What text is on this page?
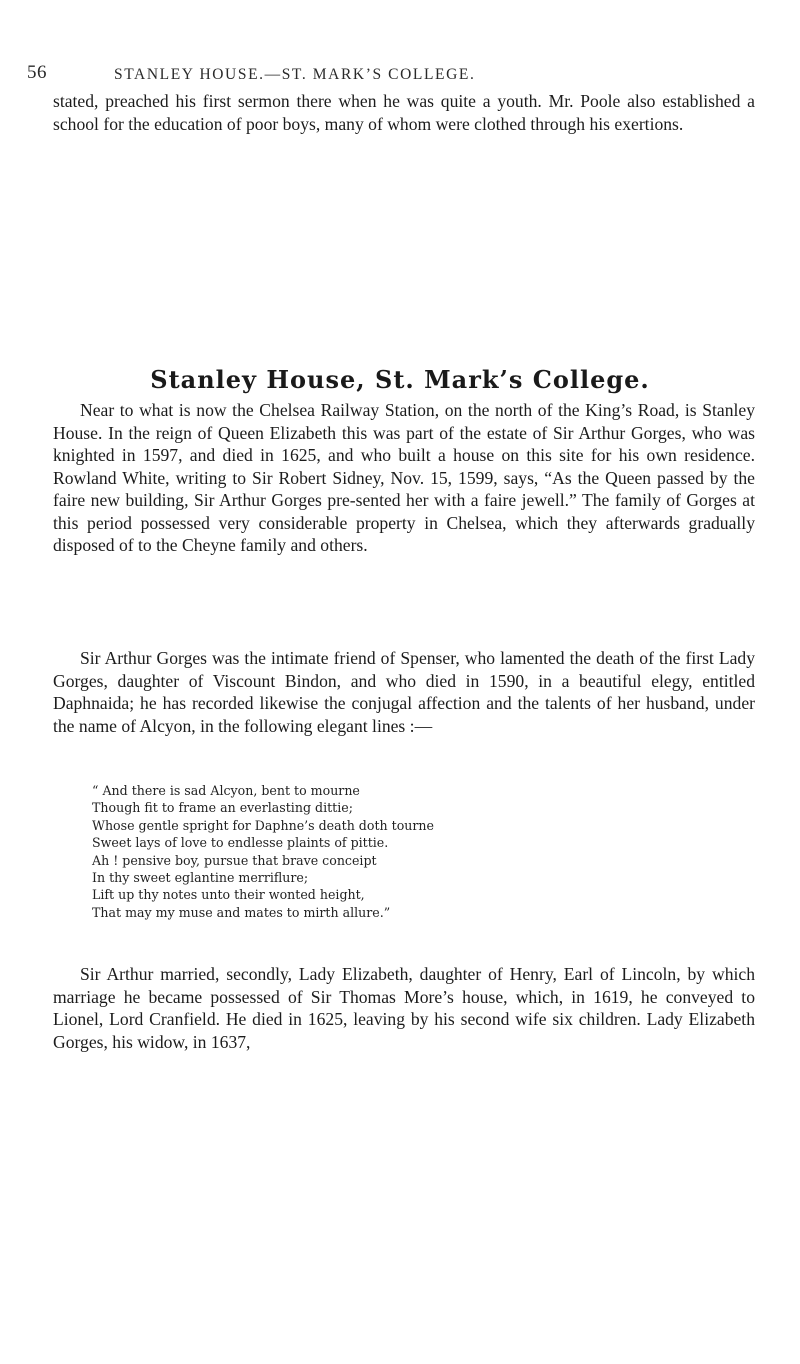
56	STANLEY HOUSE.—ST. MARK’S COLLEGE.

stated, preached his first sermon there when he was quite a youth. Mr. Poole also established a school for the education of poor boys, many of whom were clothed through his exertions.

Stanley House, St. Mark’s College.

Near to what is now the Chelsea Railway Station, on the north of the King’s Road, is Stanley House. In the reign of Queen Elizabeth this was part of the estate of Sir Arthur Gorges, who was knighted in 1597, and died in 1625, and who built a house on this site for his own residence. Rowland White, writing to Sir Robert Sidney, Nov. 15, 1599, says, “As the Queen passed by the faire new building, Sir Arthur Gorges pre-sented her with a faire jewell.” The family of Gorges at this period possessed very considerable property in Chelsea, which they afterwards gradually disposed of to the Cheyne family and others.

Sir Arthur Gorges was the intimate friend of Spenser, who lamented the death of the first Lady Gorges, daughter of Viscount Bindon, and who died in 1590, in a beautiful elegy, entitled Daphnaida; he has recorded likewise the conjugal affection and the talents of her husband, under the name of Alcyon, in the following elegant lines :—

“ And there is sad Alcyon, bent to mourne
Though fit to frame an everlasting dittie;
Whose gentle spright for Daphne’s death doth tourne
Sweet lays of love to endlesse plaints of pittie.
Ah ! pensive boy, pursue that brave conceipt
In thy sweet eglantine merriflure;
Lift up thy notes unto their wonted height,
That may my muse and mates to mirth allure.”

Sir Arthur married, secondly, Lady Elizabeth, daughter of Henry, Earl of Lincoln, by which marriage he became possessed of Sir Thomas More’s house, which, in 1619, he conveyed to Lionel, Lord Cranfield. He died in 1625, leaving by his second wife six children. Lady Elizabeth Gorges, his widow, in 1637,
